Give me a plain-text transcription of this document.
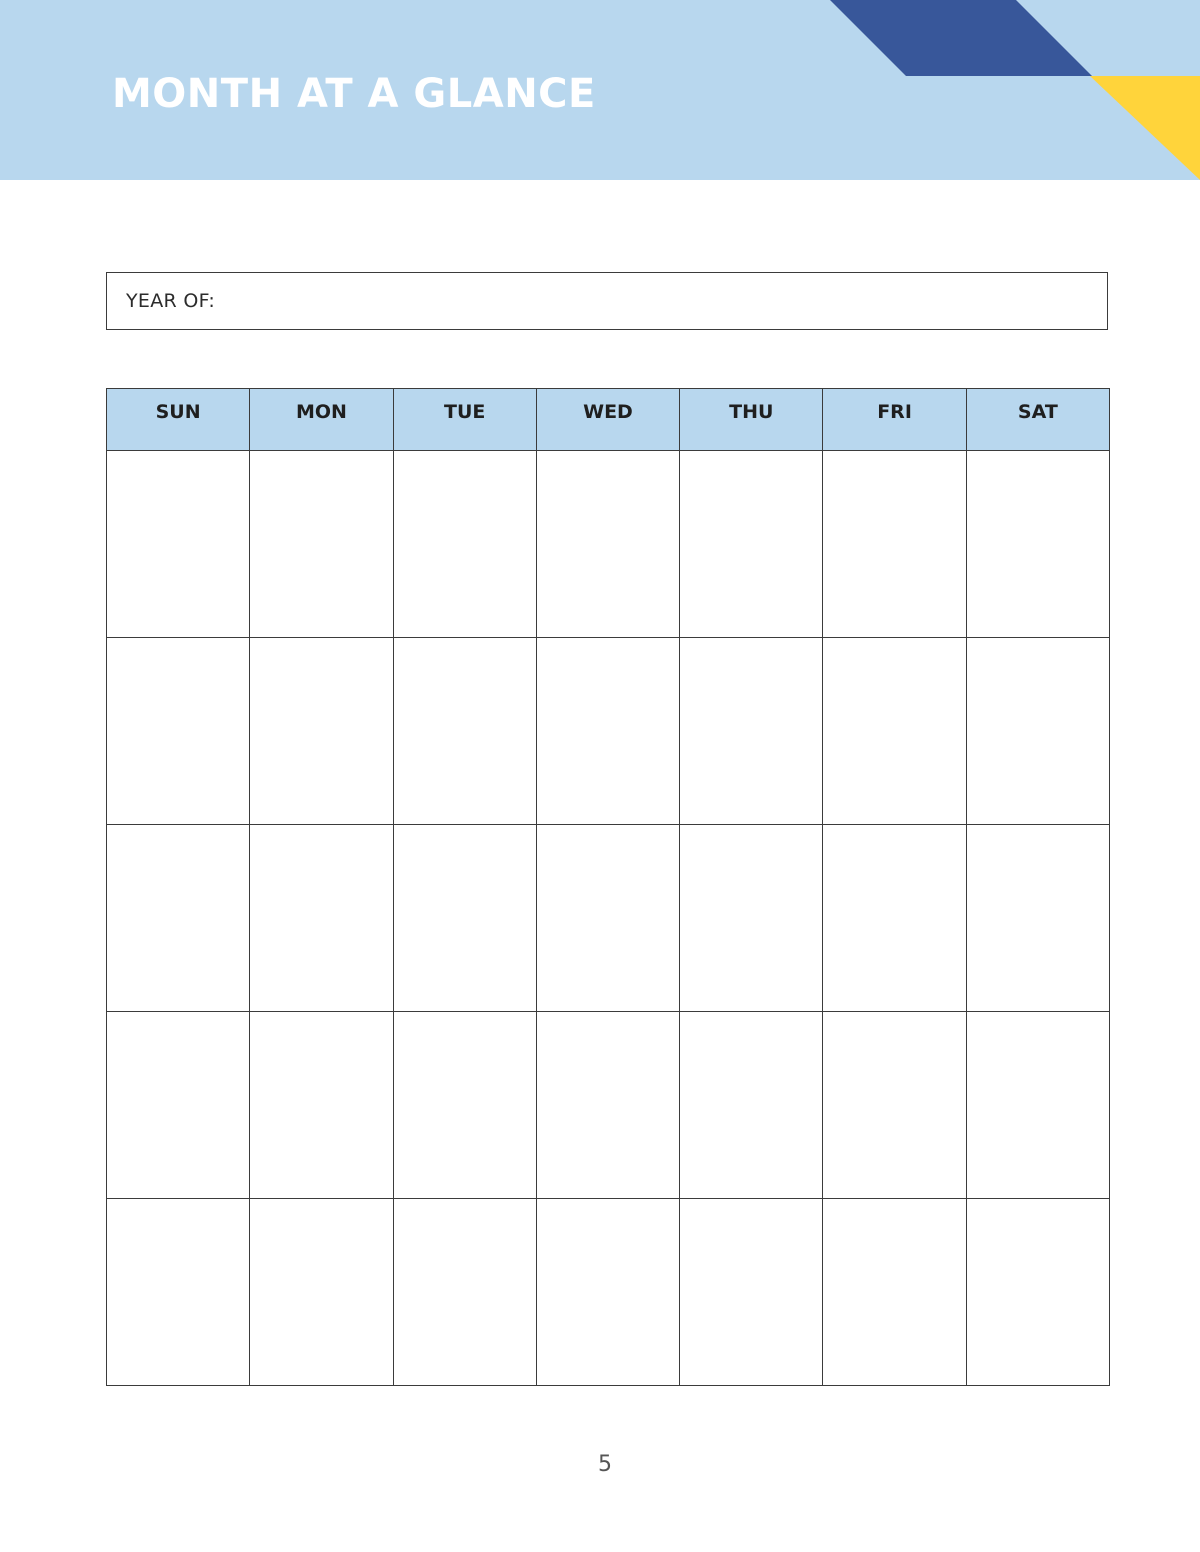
MONTH AT A GLANCE
YEAR OF:
SUN	MON	TUE	WED	THU	FRI	SAT

5
